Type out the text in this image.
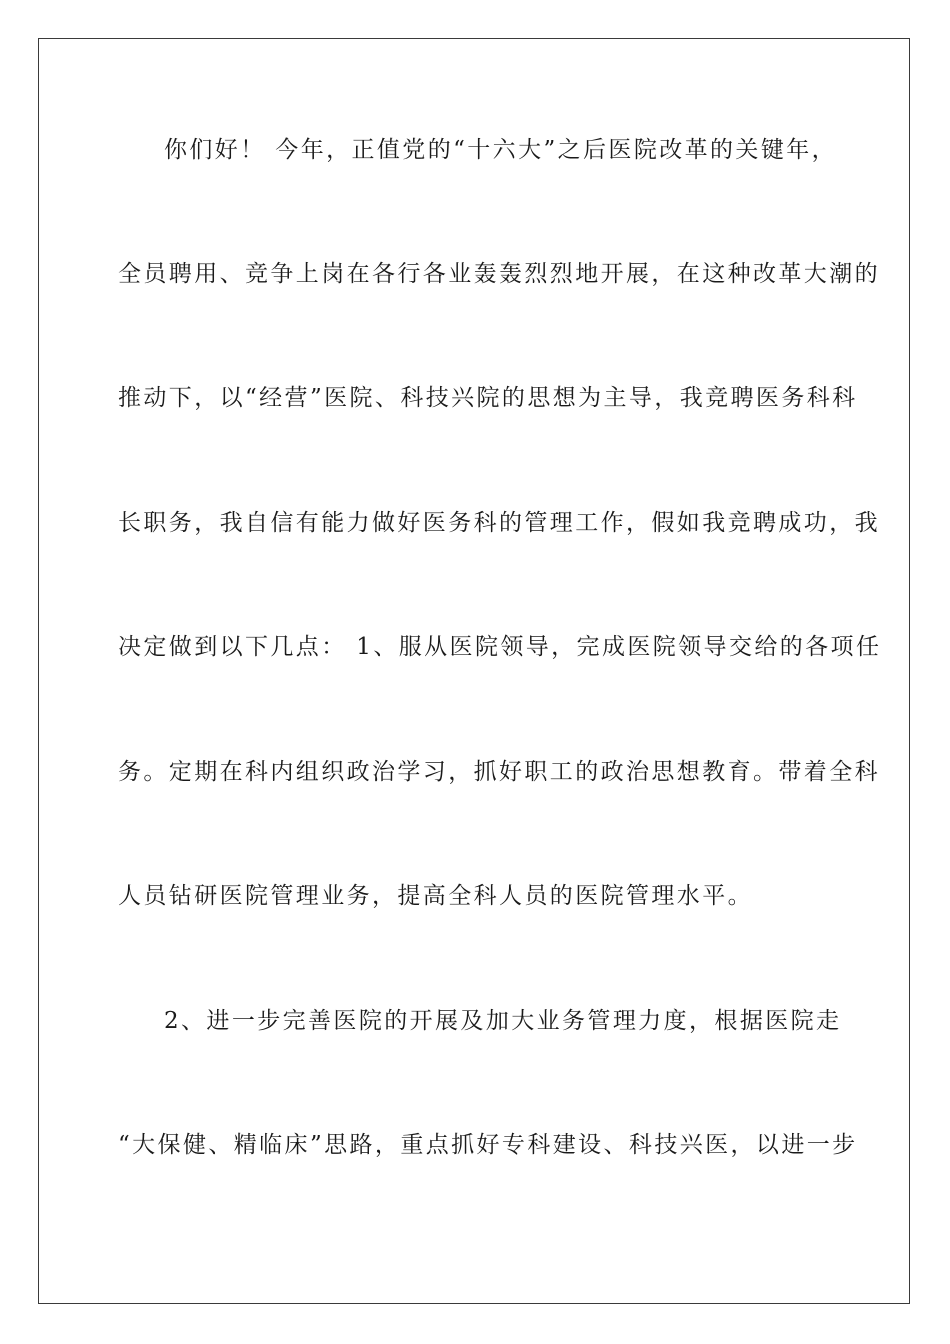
你们好！ 今年，正值党的“十六大”之后医院改革的关键年，
全员聘用、竞争上岗在各行各业轰轰烈烈地开展，在这种改革大潮的
推动下，以“经营”医院、科技兴院的思想为主导，我竞聘医务科科
长职务，我自信有能力做好医务科的管理工作，假如我竞聘成功，我
决定做到以下几点： 1、服从医院领导，完成医院领导交给的各项任
务。定期在科内组织政治学习，抓好职工的政治思想教育。带着全科
人员钻研医院管理业务，提高全科人员的医院管理水平。
2、进一步完善医院的开展及加大业务管理力度，根据医院走
“大保健、精临床”思路，重点抓好专科建设、科技兴医，以进一步
